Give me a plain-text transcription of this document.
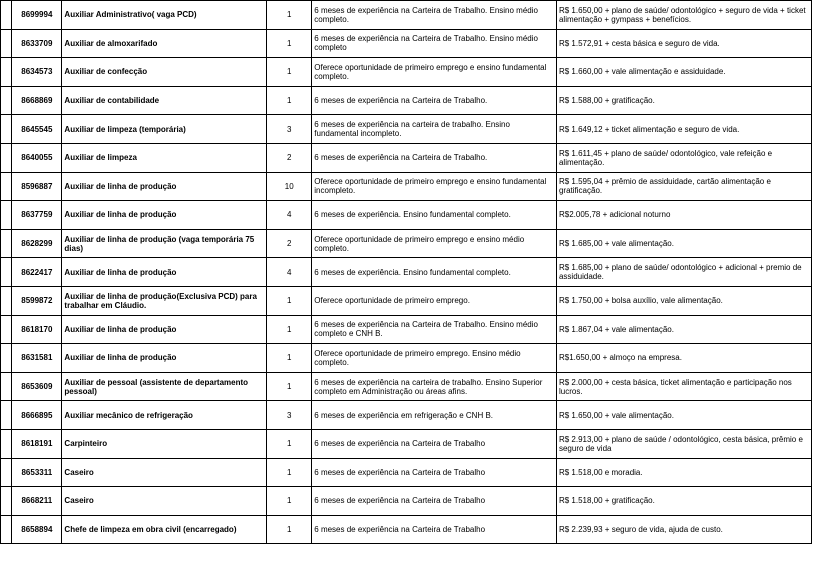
	8699994	Auxiliar Administrativo( vaga PCD)	1	6 meses de experiência na Carteira de Trabalho. Ensino médio completo.	R$ 1.650,00 + plano de saúde/ odontológico + seguro de vida + ticket alimentação + gympass + benefícios.
	8633709	Auxiliar de almoxarifado	1	6 meses de experiência na Carteira de Trabalho. Ensino médio completo	R$ 1.572,91 + cesta básica e seguro de vida.
	8634573	Auxiliar de confecção	1	Oferece oportunidade de primeiro emprego e ensino fundamental completo.	R$ 1.660,00 + vale alimentação e assiduidade.
	8668869	Auxiliar de contabilidade	1	6 meses de experiência na Carteira de Trabalho.	R$ 1.588,00 + gratificação.
	8645545	Auxiliar de limpeza (temporária)	3	6 meses de experiência na carteira de trabalho. Ensino fundamental incompleto.	R$ 1.649,12 + ticket alimentação e seguro de vida.
	8640055	Auxiliar de limpeza	2	6 meses de experiência na Carteira de Trabalho.	R$ 1.611,45 + plano de saúde/ odontológico, vale refeição e alimentação.
	8596887	Auxiliar de linha de produção	10	Oferece oportunidade de primeiro emprego e ensino fundamental incompleto.	R$ 1.595,04 + prêmio de assiduidade, cartão alimentação e gratificação.
	8637759	Auxiliar de linha de produção	4	6 meses de experiência. Ensino fundamental completo.	R$2.005,78 + adicional noturno
	8628299	Auxiliar de linha de produção (vaga temporária 75 dias)	2	Oferece oportunidade de primeiro emprego e ensino médio completo.	R$ 1.685,00 + vale alimentação.
	8622417	Auxiliar de linha de produção	4	6 meses de experiência. Ensino fundamental completo.	R$ 1.685,00 + plano de saúde/ odontológico + adicional + premio de assiduidade.
	8599872	Auxiliar de linha de produção(Exclusiva PCD) para trabalhar em Cláudio.	1	Oferece oportunidade de primeiro emprego.	R$ 1.750,00 + bolsa auxílio, vale alimentação.
	8618170	Auxiliar de linha de produção	1	6 meses de experiência na Carteira de Trabalho. Ensino médio completo e CNH B.	R$ 1.867,04 + vale alimentação.
	8631581	Auxiliar de linha de produção	1	Oferece oportunidade de primeiro emprego. Ensino médio completo.	R$1.650,00 + almoço na empresa.
	8653609	Auxiliar de pessoal (assistente de departamento pessoal)	1	6 meses de experiência na carteira de trabalho. Ensino Superior completo em Administração ou áreas afins.	R$ 2.000,00 + cesta básica, ticket alimentação e participação nos lucros.
	8666895	Auxiliar mecânico de refrigeração	3	6 meses de experiência em refrigeração e CNH B.	R$ 1.650,00 + vale alimentação.
	8618191	Carpinteiro	1	6 meses de experiência na Carteira de Trabalho	R$ 2.913,00 + plano de saúde / odontológico, cesta básica, prêmio e seguro de vida
	8653311	Caseiro	1	6 meses de experiência na Carteira de Trabalho	R$ 1.518,00 e moradia.
	8668211	Caseiro	1	6 meses de experiência na Carteira de Trabalho	R$ 1.518,00 + gratificação.
	8658894	Chefe de limpeza em obra civil (encarregado)	1	6 meses de experiência na Carteira de Trabalho	R$ 2.239,93 + seguro de vida, ajuda de custo.
